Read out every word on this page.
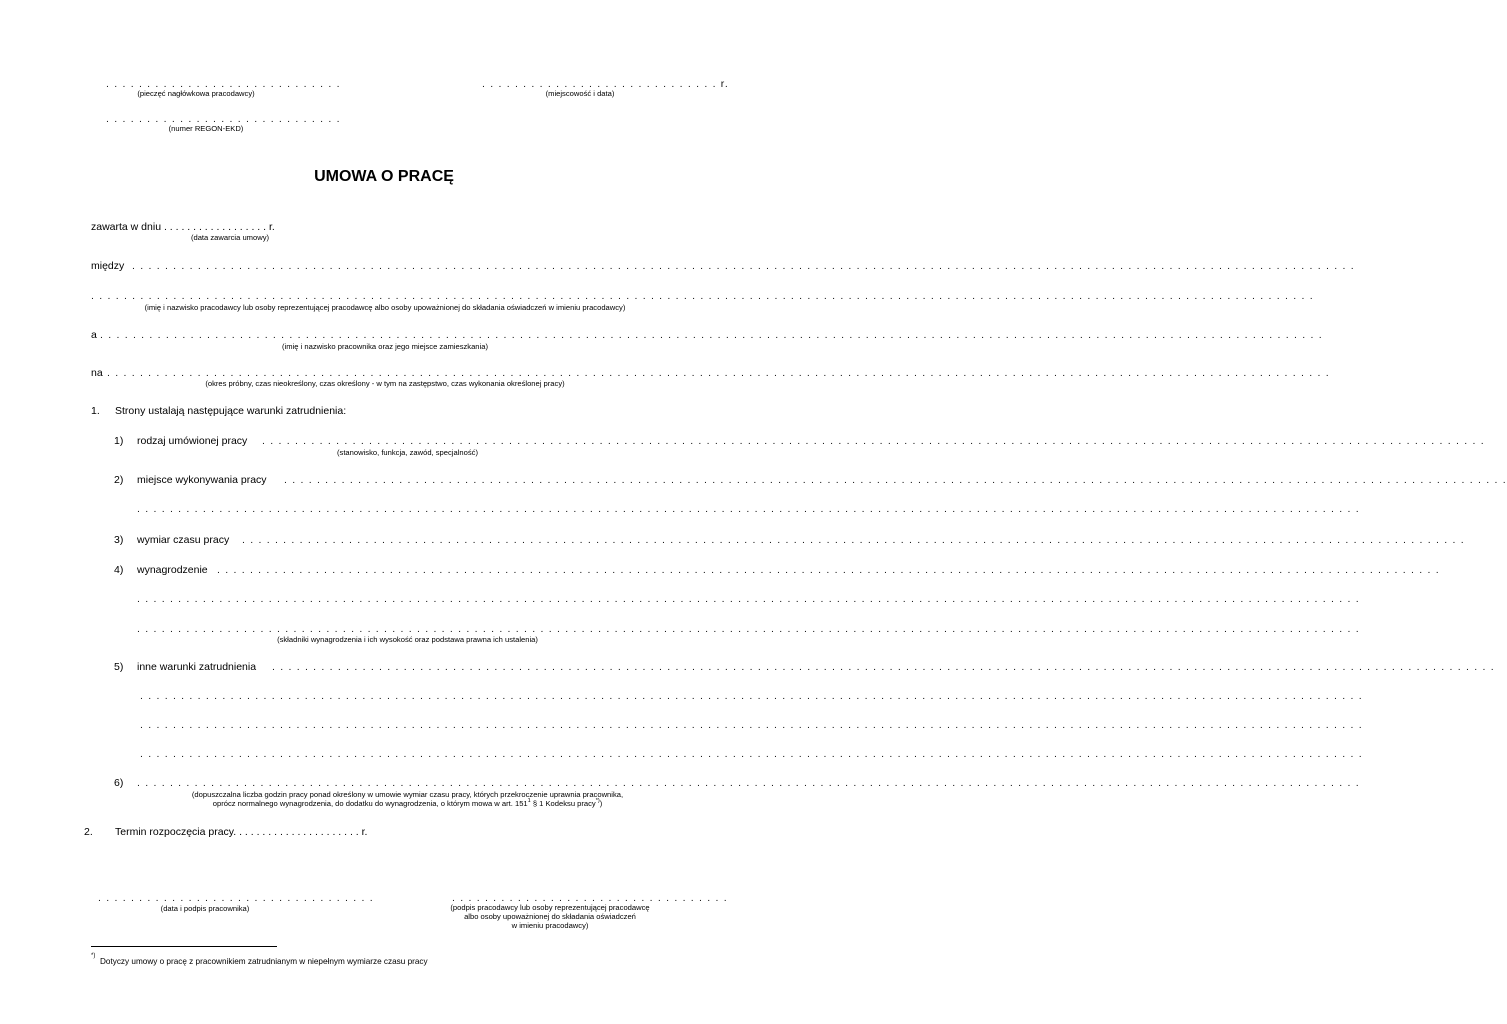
. . . . . . . . . . . . . . . . . . . . . . . . . . . . .
(pieczęć nagłówkowa pracodawcy)
. . . . . . . . . . . . . . . . . . . . . . . . . . . . .
(numer REGON-EKD)
. . . . . . . . . . . . . . . . . . . . . . . . . . . . . r.
(miejscowość i data)
UMOWA O PRACĘ
zawarta w dniu . . . . . . . . . . . . . . . . . . r.
(data zawarcia umowy)
między . . . . . . . . . . . . . . . . . . . . . . . . . . . . . . . . . . . . . . . . . . . . . . . . . . . . . . . . . . . . . . . . . . . . . . . . . . . . . . . . . . . . . . . . . . . . . . . . . . . . . . . . . . . . . . . . . . . . . . . . . . . . . . . . . . . . . . . . . . . . . . . . . . . . .
. . . . . . . . . . . . . . . . . . . . . . . . . . . . . . . . . . . . . . . . . . . . . . . . . . . . . . . . . . . . . . . . . . . . . . . . . . . . . . . . . . . . . . . . . . . . . . . . . . . . . . . . . . . . . . . . . . . . . . . . . . . . . . . . . . . . . . . . . . . . . . . . . . . . .
(imię i nazwisko pracodawcy lub osoby reprezentującej pracodawcę albo osoby upoważnionej do składania oświadczeń w imieniu pracodawcy)
a . . . . . . . . . . . . . . . . . . . . . . . . . . . . . . . . . . . . . . . . . . . . . . . . . . . . . . . . . . . . . . . . . . . . . . . . . . . . . . . . . . . . . . . . . . . . . . . . . . . . . . . . . . . . . . . . . . . . . . . . . . . . . . . . . . . . . . . . . . . . . . . . . . . . .
(imię i nazwisko pracownika oraz jego miejsce zamieszkania)
na . . . . . . . . . . . . . . . . . . . . . . . . . . . . . . . . . . . . . . . . . . . . . . . . . . . . . . . . . . . . . . . . . . . . . . . . . . . . . . . . . . . . . . . . . . . . . . . . . . . . . . . . . . . . . . . . . . . . . . . . . . . . . . . . . . . . . . . . . . . . . . . . . . . . .
(okres próbny, czas nieokreślony, czas określony - w tym na zastępstwo, czas wykonania określonej pracy)
1. Strony ustalają następujące warunki zatrudnienia:
1) rodzaj umówionej pracy . . . . . . . . . . . . . . . . . . . . . . . . . . . . . . . . . . . . . . . . . . . . . . . . . . . . . . . . . . . . . . . . . . . . . . . . . . . . . . . . . . . . . . . . . . . . . . . . . . . . . . . . . . . . . . . . . . . . . . . . . . . . . . . . . . . . . . . . . . . . . . . . . . . . .
(stanowisko, funkcja, zawód, specjalność)
2) miejsce wykonywania pracy . . . . . . . . . . . . . . . . . . . . . . . . . . . . . . . . . . . . . . . . . . . . . . . . . . . . . . . . . . . . . . . . . . . . . . . . . . . . . . . . . . . . . . . . . . . . . . . . . . . . . . . . . . . . . . . . . . . . . . . . . . . . . . . . . . . . . . . . . . . . . . . . . . . . .
. . . . . . . . . . . . . . . . . . . . . . . . . . . . . . . . . . . . . . . . . . . . . . . . . . . . . . . . . . . . . . . . . . . . . . . . . . . . . . . . . . . . . . . . . . . . . . . . . . . . . . . . . . . . . . . . . . . . . . . . . . . . . . . . . . . . . . . . . . . . . . . . . . . . .
3) wymiar czasu pracy . . . . . . . . . . . . . . . . . . . . . . . . . . . . . . . . . . . . . . . . . . . . . . . . . . . . . . . . . . . . . . . . . . . . . . . . . . . . . . . . . . . . . . . . . . . . . . . . . . . . . . . . . . . . . . . . . . . . . . . . . . . . . . . . . . . . . . . . . . . . . . . . . . . . .
4) wynagrodzenie . . . . . . . . . . . . . . . . . . . . . . . . . . . . . . . . . . . . . . . . . . . . . . . . . . . . . . . . . . . . . . . . . . . . . . . . . . . . . . . . . . . . . . . . . . . . . . . . . . . . . . . . . . . . . . . . . . . . . . . . . . . . . . . . . . . . . . . . . . . . . . . . . . . . .
. . . . . . . . . . . . . . . . . . . . . . . . . . . . . . . . . . . . . . . . . . . . . . . . . . . . . . . . . . . . . . . . . . . . . . . . . . . . . . . . . . . . . . . . . . . . . . . . . . . . . . . . . . . . . . . . . . . . . . . . . . . . . . . . . . . . . . . . . . . . . . . . . . . . .
. . . . . . . . . . . . . . . . . . . . . . . . . . . . . . . . . . . . . . . . . . . . . . . . . . . . . . . . . . . . . . . . . . . . . . . . . . . . . . . . . . . . . . . . . . . . . . . . . . . . . . . . . . . . . . . . . . . . . . . . . . . . . . . . . . . . . . . . . . . . . . . . . . . . .
(składniki wynagrodzenia i ich wysokość oraz podstawa prawna ich ustalenia)
5) inne warunki zatrudnienia . . . . . . . . . . . . . . . . . . . . . . . . . . . . . . . . . . . . . . . . . . . . . . . . . . . . . . . . . . . . . . . . . . . . . . . . . . . . . . . . . . . . . . . . . . . . . . . . . . . . . . . . . . . . . . . . . . . . . . . . . . . . . . . . . . . . . . . . . . . . . . . . . . . . .
. . . . . . . . . . . . . . . . . . . . . . . . . . . . . . . . . . . . . . . . . . . . . . . . . . . . . . . . . . . . . . . . . . . . . . . . . . . . . . . . . . . . . . . . . . . . . . . . . . . . . . . . . . . . . . . . . . . . . . . . . . . . . . . . . . . . . . . . . . . . . . . . . . . . .
. . . . . . . . . . . . . . . . . . . . . . . . . . . . . . . . . . . . . . . . . . . . . . . . . . . . . . . . . . . . . . . . . . . . . . . . . . . . . . . . . . . . . . . . . . . . . . . . . . . . . . . . . . . . . . . . . . . . . . . . . . . . . . . . . . . . . . . . . . . . . . . . . . . . .
. . . . . . . . . . . . . . . . . . . . . . . . . . . . . . . . . . . . . . . . . . . . . . . . . . . . . . . . . . . . . . . . . . . . . . . . . . . . . . . . . . . . . . . . . . . . . . . . . . . . . . . . . . . . . . . . . . . . . . . . . . . . . . . . . . . . . . . . . . . . . . . . . . . . .
6) . . . . . . . . . . . . . . . . . . . . . . . . . . . . . . . . . . . . . . . . . . . . . . . . . . . . . . . . . . . . . . . . . . . . . . . . . . . . . . . . . . . . . . . . . . . . . . . . . . . . . . . . . . . . . . . . . . . . . . . . . . . . . . . . . . . . . . . . . . . . . . . . . . . . .
(dopuszczalna liczba godzin pracy ponad określony w umowie wymiar czasu pracy, których przekroczenie uprawnia pracownika,
oprócz normalnego wynagrodzenia, do dodatku do wynagrodzenia, o którym mowa w art. $151^1$ § 1 Kodeksu pracy*))
2. Termin rozpoczęcia pracy. . . . . . . . . . . . . . . . . . . . . . r.
. . . . . . . . . . . . . . . . . . . . . . . . . . . . . . . . . .
(data i podpis pracownika)
. . . . . . . . . . . . . . . . . . . . . . . . . . . . . . . . . .
(podpis pracodawcy lub osoby reprezentującej pracodawcę
albo osoby upoważnionej do składania oświadczeń
w imieniu pracodawcy)
*)
Dotyczy umowy o pracę z pracownikiem zatrudnianym w niepełnym wymiarze czasu pracy
